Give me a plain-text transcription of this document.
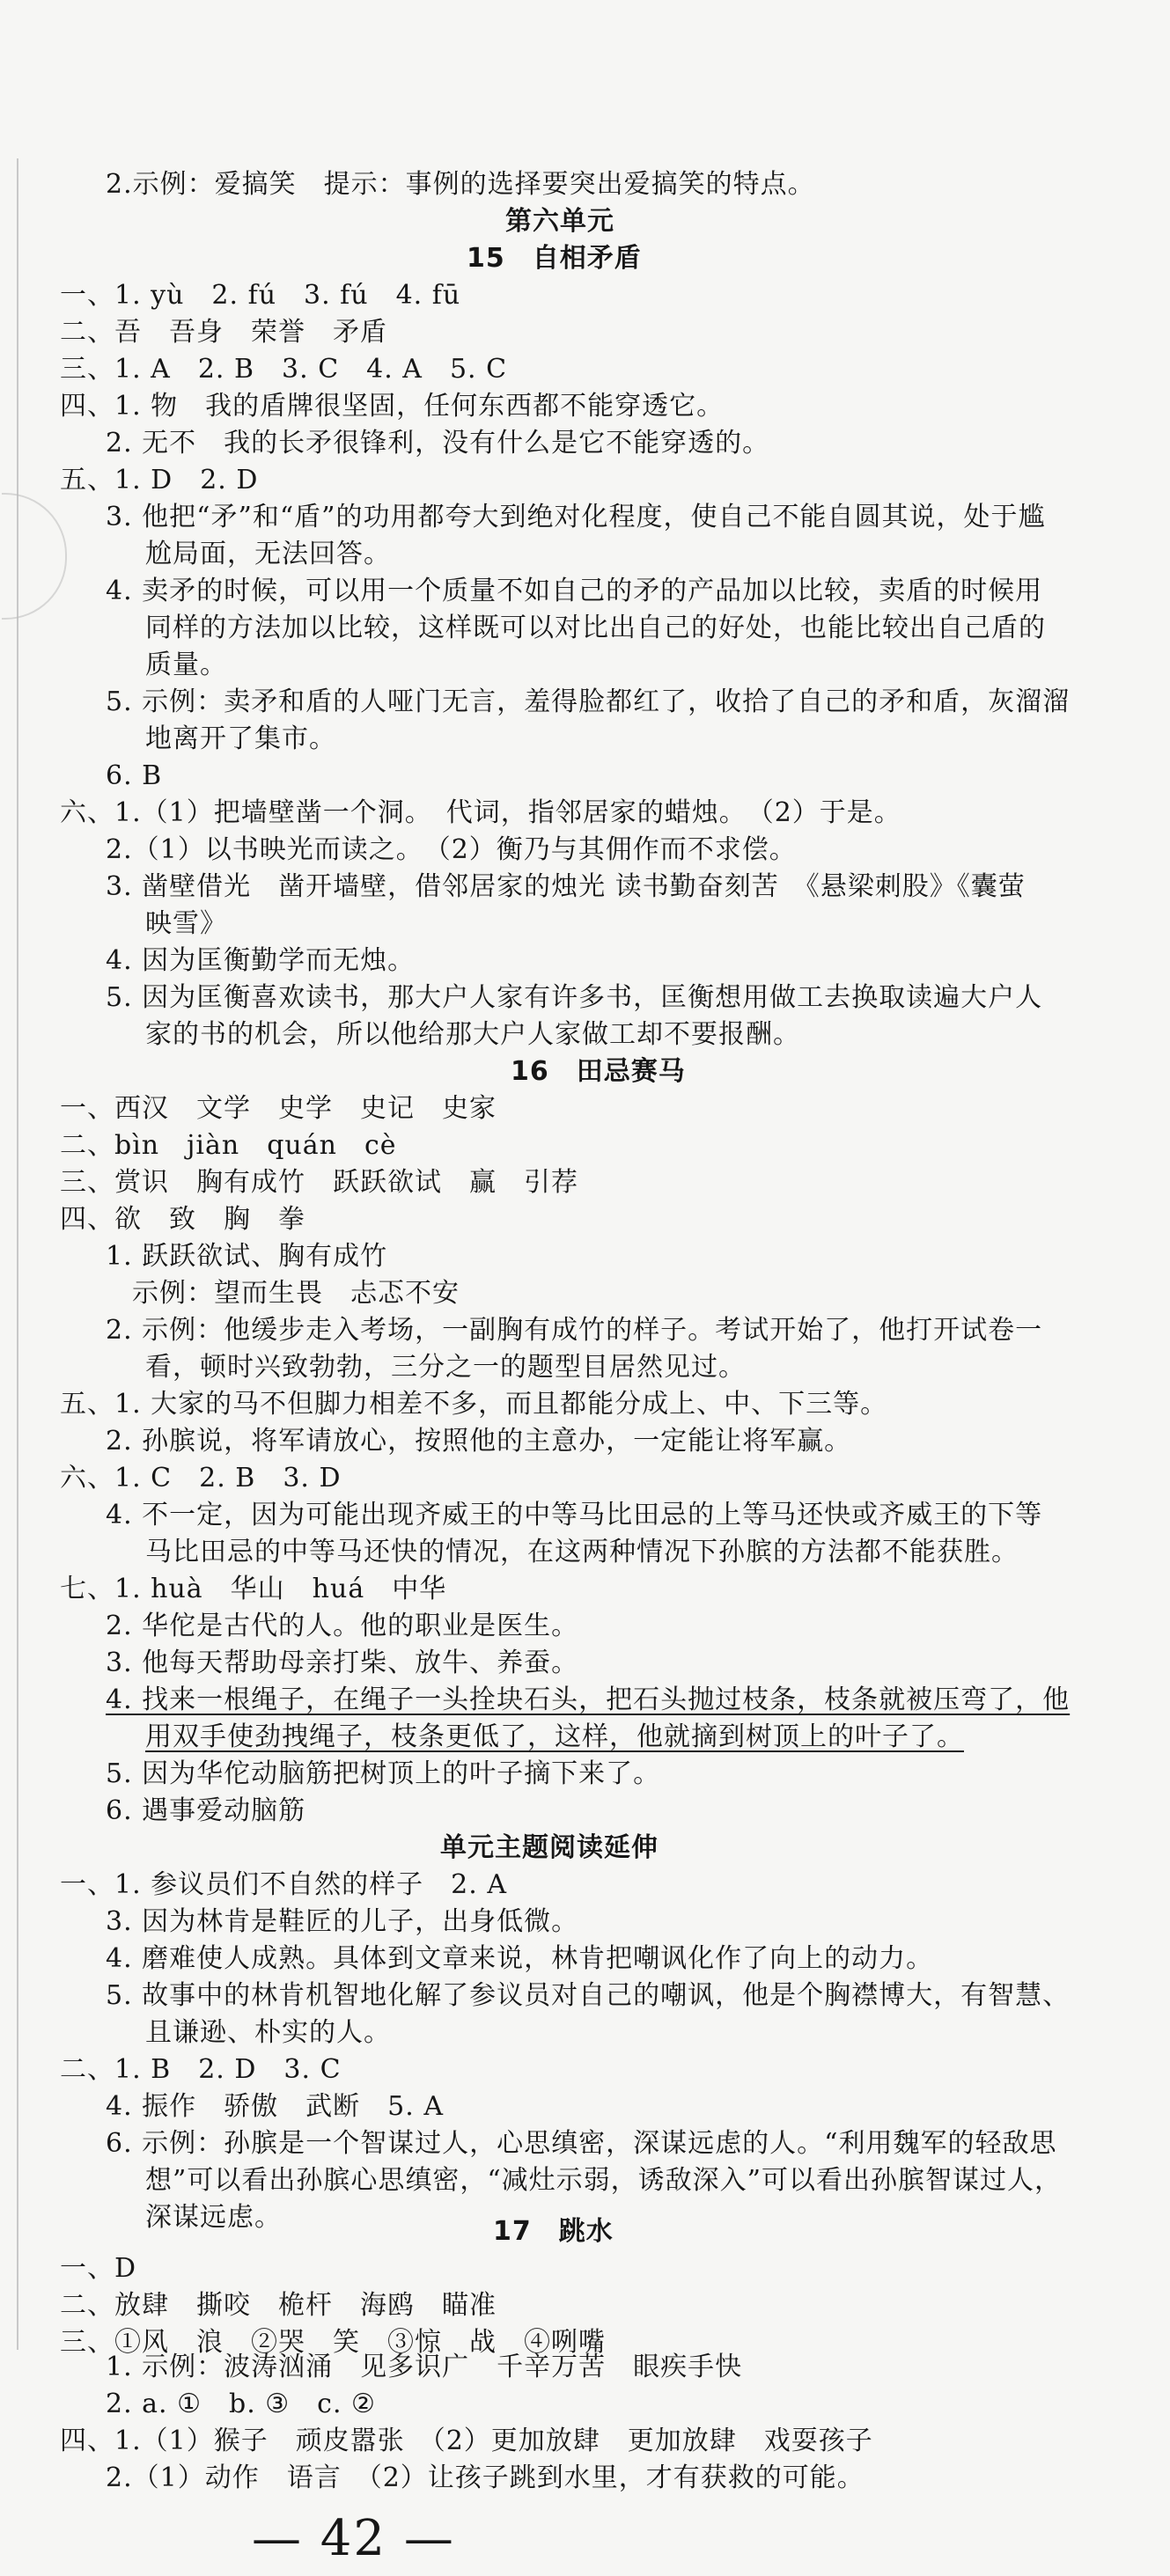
2.示例：爱搞笑　提示：事例的选择要突出爱搞笑的特点。
第六单元
15　自相矛盾
一、1. yù　2. fú　3. fú　4. fū
二、吾　吾身　荣誉　矛盾
三、1. A　2. B　3. C　4. A　5. C
四、1. 物　我的盾牌很坚固，任何东西都不能穿透它。
2. 无不　我的长矛很锋利，没有什么是它不能穿透的。
五、1. D　2. D
3. 他把“矛”和“盾”的功用都夸大到绝对化程度，使自己不能自圆其说，处于尴
尬局面，无法回答。
4. 卖矛的时候，可以用一个质量不如自己的矛的产品加以比较，卖盾的时候用
同样的方法加以比较，这样既可以对比出自己的好处，也能比较出自己盾的
质量。
5. 示例：卖矛和盾的人哑门无言，羞得脸都红了，收拾了自己的矛和盾，灰溜溜
地离开了集市。
6. B
六、1.（1）把墙壁凿一个洞。　代词，指邻居家的蜡烛。　（2）于是。
2.（1）以书映光而读之。　（2）衡乃与其佣作而不求偿。
3. 凿壁借光　凿开墙壁，借邻居家的烛光 读书勤奋刻苦　《悬梁刺股》《囊萤
映雪》
4. 因为匡衡勤学而无烛。
5. 因为匡衡喜欢读书，那大户人家有许多书，匡衡想用做工去换取读遍大户人
家的书的机会，所以他给那大户人家做工却不要报酬。
16　田忌赛马
一、西汉　文学　史学　史记　史家
二、bìn　jiàn　quán　cè
三、赏识　胸有成竹　跃跃欲试　赢　引荐
四、欲　致　胸　拳
1. 跃跃欲试、胸有成竹
示例：望而生畏　忐忑不安
2. 示例：他缓步走入考场，一副胸有成竹的样子。考试开始了，他打开试卷一
看，顿时兴致勃勃，三分之一的题型目居然见过。
五、1. 大家的马不但脚力相差不多，而且都能分成上、中、下三等。
2. 孙膑说，将军请放心，按照他的主意办，一定能让将军赢。
六、1. C　2. B　3. D
4. 不一定，因为可能出现齐威王的中等马比田忌的上等马还快或齐威王的下等
马比田忌的中等马还快的情况，在这两种情况下孙膑的方法都不能获胜。
七、1. huà　华山　huá　中华
2. 华佗是古代的人。他的职业是医生。
3. 他每天帮助母亲打柴、放牛、养蚕。
4. 找来一根绳子，在绳子一头拴块石头，把石头抛过枝条，枝条就被压弯了，他
用双手使劲拽绳子，枝条更低了，这样，他就摘到树顶上的叶子了。
5. 因为华佗动脑筋把树顶上的叶子摘下来了。
6. 遇事爱动脑筋
单元主题阅读延伸
一、1. 参议员们不自然的样子　2. A
3. 因为林肯是鞋匠的儿子，出身低微。
4. 磨难使人成熟。具体到文章来说，林肯把嘲讽化作了向上的动力。
5. 故事中的林肯机智地化解了参议员对自己的嘲讽，他是个胸襟博大，有智慧、
且谦逊、朴实的人。
二、1. B　2. D　3. C
4. 振作　骄傲　武断　5. A
6. 示例：孙膑是一个智谋过人，心思缜密，深谋远虑的人。“利用魏军的轻敌思
想”可以看出孙膑心思缜密，“减灶示弱，诱敌深入”可以看出孙膑智谋过人，
深谋远虑。	17　跳水
一、D
二、放肆　撕咬　桅杆　海鸥　瞄准
三、①风　浪　②哭　笑　③惊　战　④咧嘴
1. 示例：波涛汹涌　见多识广　千辛万苦　眼疾手快
2. a. ①　b. ③　c. ②
四、1.（1）猴子　顽皮嚣张　（2）更加放肆　更加放肆　戏耍孩子
2.（1）动作　语言　（2）让孩子跳到水里，才有获救的可能。
— 42 —
